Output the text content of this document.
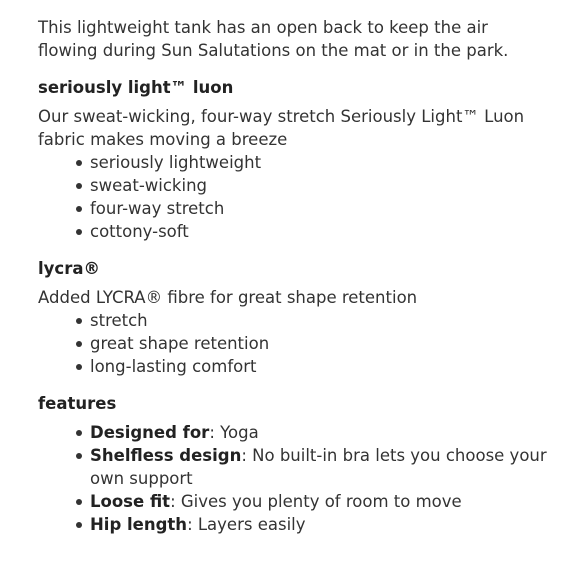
This lightweight tank has an open back to keep the air flowing during Sun Salutations on the mat or in the park.

seriously light™ luon

Our sweat-wicking, four-way stretch Seriously Light™ Luon fabric makes moving a breeze

seriously lightweight
sweat-wicking
four-way stretch
cottony-soft
lycra®

Added LYCRA® fibre for great shape retention

stretch
great shape retention
long-lasting comfort
features
Designed for: Yoga
Shelfless design: No built-in bra lets you choose your own support
Loose fit: Gives you plenty of room to move
Hip length: Layers easily
